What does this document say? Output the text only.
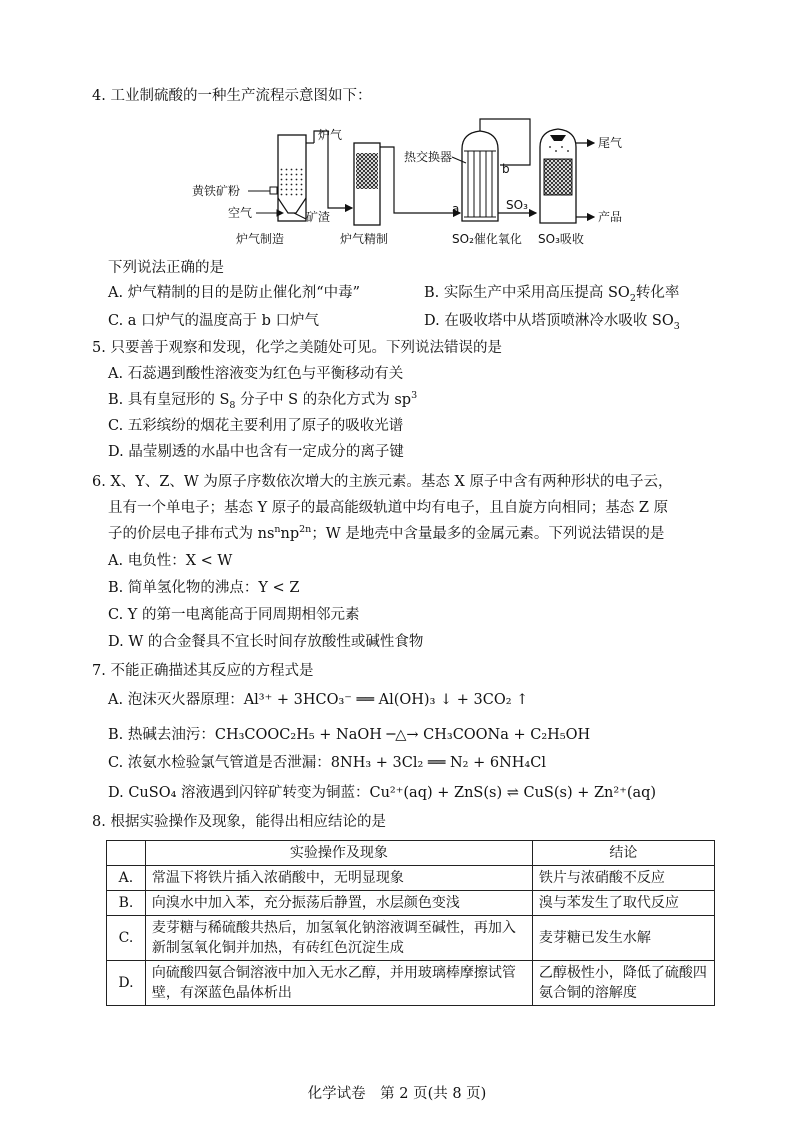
4. 工业制硫酸的一种生产流程示意图如下：
炉气
黄铁矿粉
空气	矿渣
炉气制造	炉气精制
热交换器
a
b
SO₂催化氧化
SO₃
尾气
产品
SO₃吸收
下列说法正确的是
A. 炉气精制的目的是防止催化剂“中毒”	B. 实际生产中采用高压提高 $SO_2$转化率
C. a 口炉气的温度高于 b 口炉气	D. 在吸收塔中从塔顶喷淋冷水吸收 $SO_3$
5. 只要善于观察和发现，化学之美随处可见。下列说法错误的是
A. 石蕊遇到酸性溶液变为红色与平衡移动有关
B. 具有皇冠形的 $S_8$ 分子中 S 的杂化方式为 $sp^3$
C. 五彩缤纷的烟花主要利用了原子的吸收光谱
D. 晶莹剔透的水晶中也含有一定成分的离子键
6. X、Y、Z、W 为原子序数依次增大的主族元素。基态 X 原子中含有两种形状的电子云，
且有一个单电子；基态 Y 原子的最高能级轨道中均有电子，且自旋方向相同；基态 Z 原
子的价层电子排布式为 $ns^nnp^{2n}$；W 是地壳中含量最多的金属元素。下列说法错误的是
A. 电负性：X < W
B. 简单氢化物的沸点：Y < Z
C. Y 的第一电离能高于同周期相邻元素
D. W 的合金餐具不宜长时间存放酸性或碱性食物
7. 不能正确描述其反应的方程式是
A. 泡沫灭火器原理：Al³⁺ + 3HCO₃⁻ ══ Al(OH)₃ ↓ + 3CO₂ ↑
B. 热碱去油污：CH₃COOC₂H₅ + NaOH ─△→ CH₃COONa + C₂H₅OH
C. 浓氨水检验氯气管道是否泄漏：8NH₃ + 3Cl₂ ══ N₂ + 6NH₄Cl
D. CuSO₄ 溶液遇到闪锌矿转变为铜蓝：Cu²⁺(aq) + ZnS(s) ⇌ CuS(s) + Zn²⁺(aq)
8. 根据实验操作及现象，能得出相应结论的是
	实验操作及现象	结论
A.	常温下将铁片插入浓硝酸中，无明显现象	铁片与浓硝酸不反应
B.	向溴水中加入苯，充分振荡后静置，水层颜色变浅	溴与苯发生了取代反应
C.	麦芽糖与稀硫酸共热后，加氢氧化钠溶液调至碱性，再加入新制氢氧化铜并加热，有砖红色沉淀生成	麦芽糖已发生水解
D.	向硫酸四氨合铜溶液中加入无水乙醇，并用玻璃棒摩擦试管壁，有深蓝色晶体析出	乙醇极性小，降低了硫酸四氨合铜的溶解度
化学试卷　第 2 页(共 8 页)
